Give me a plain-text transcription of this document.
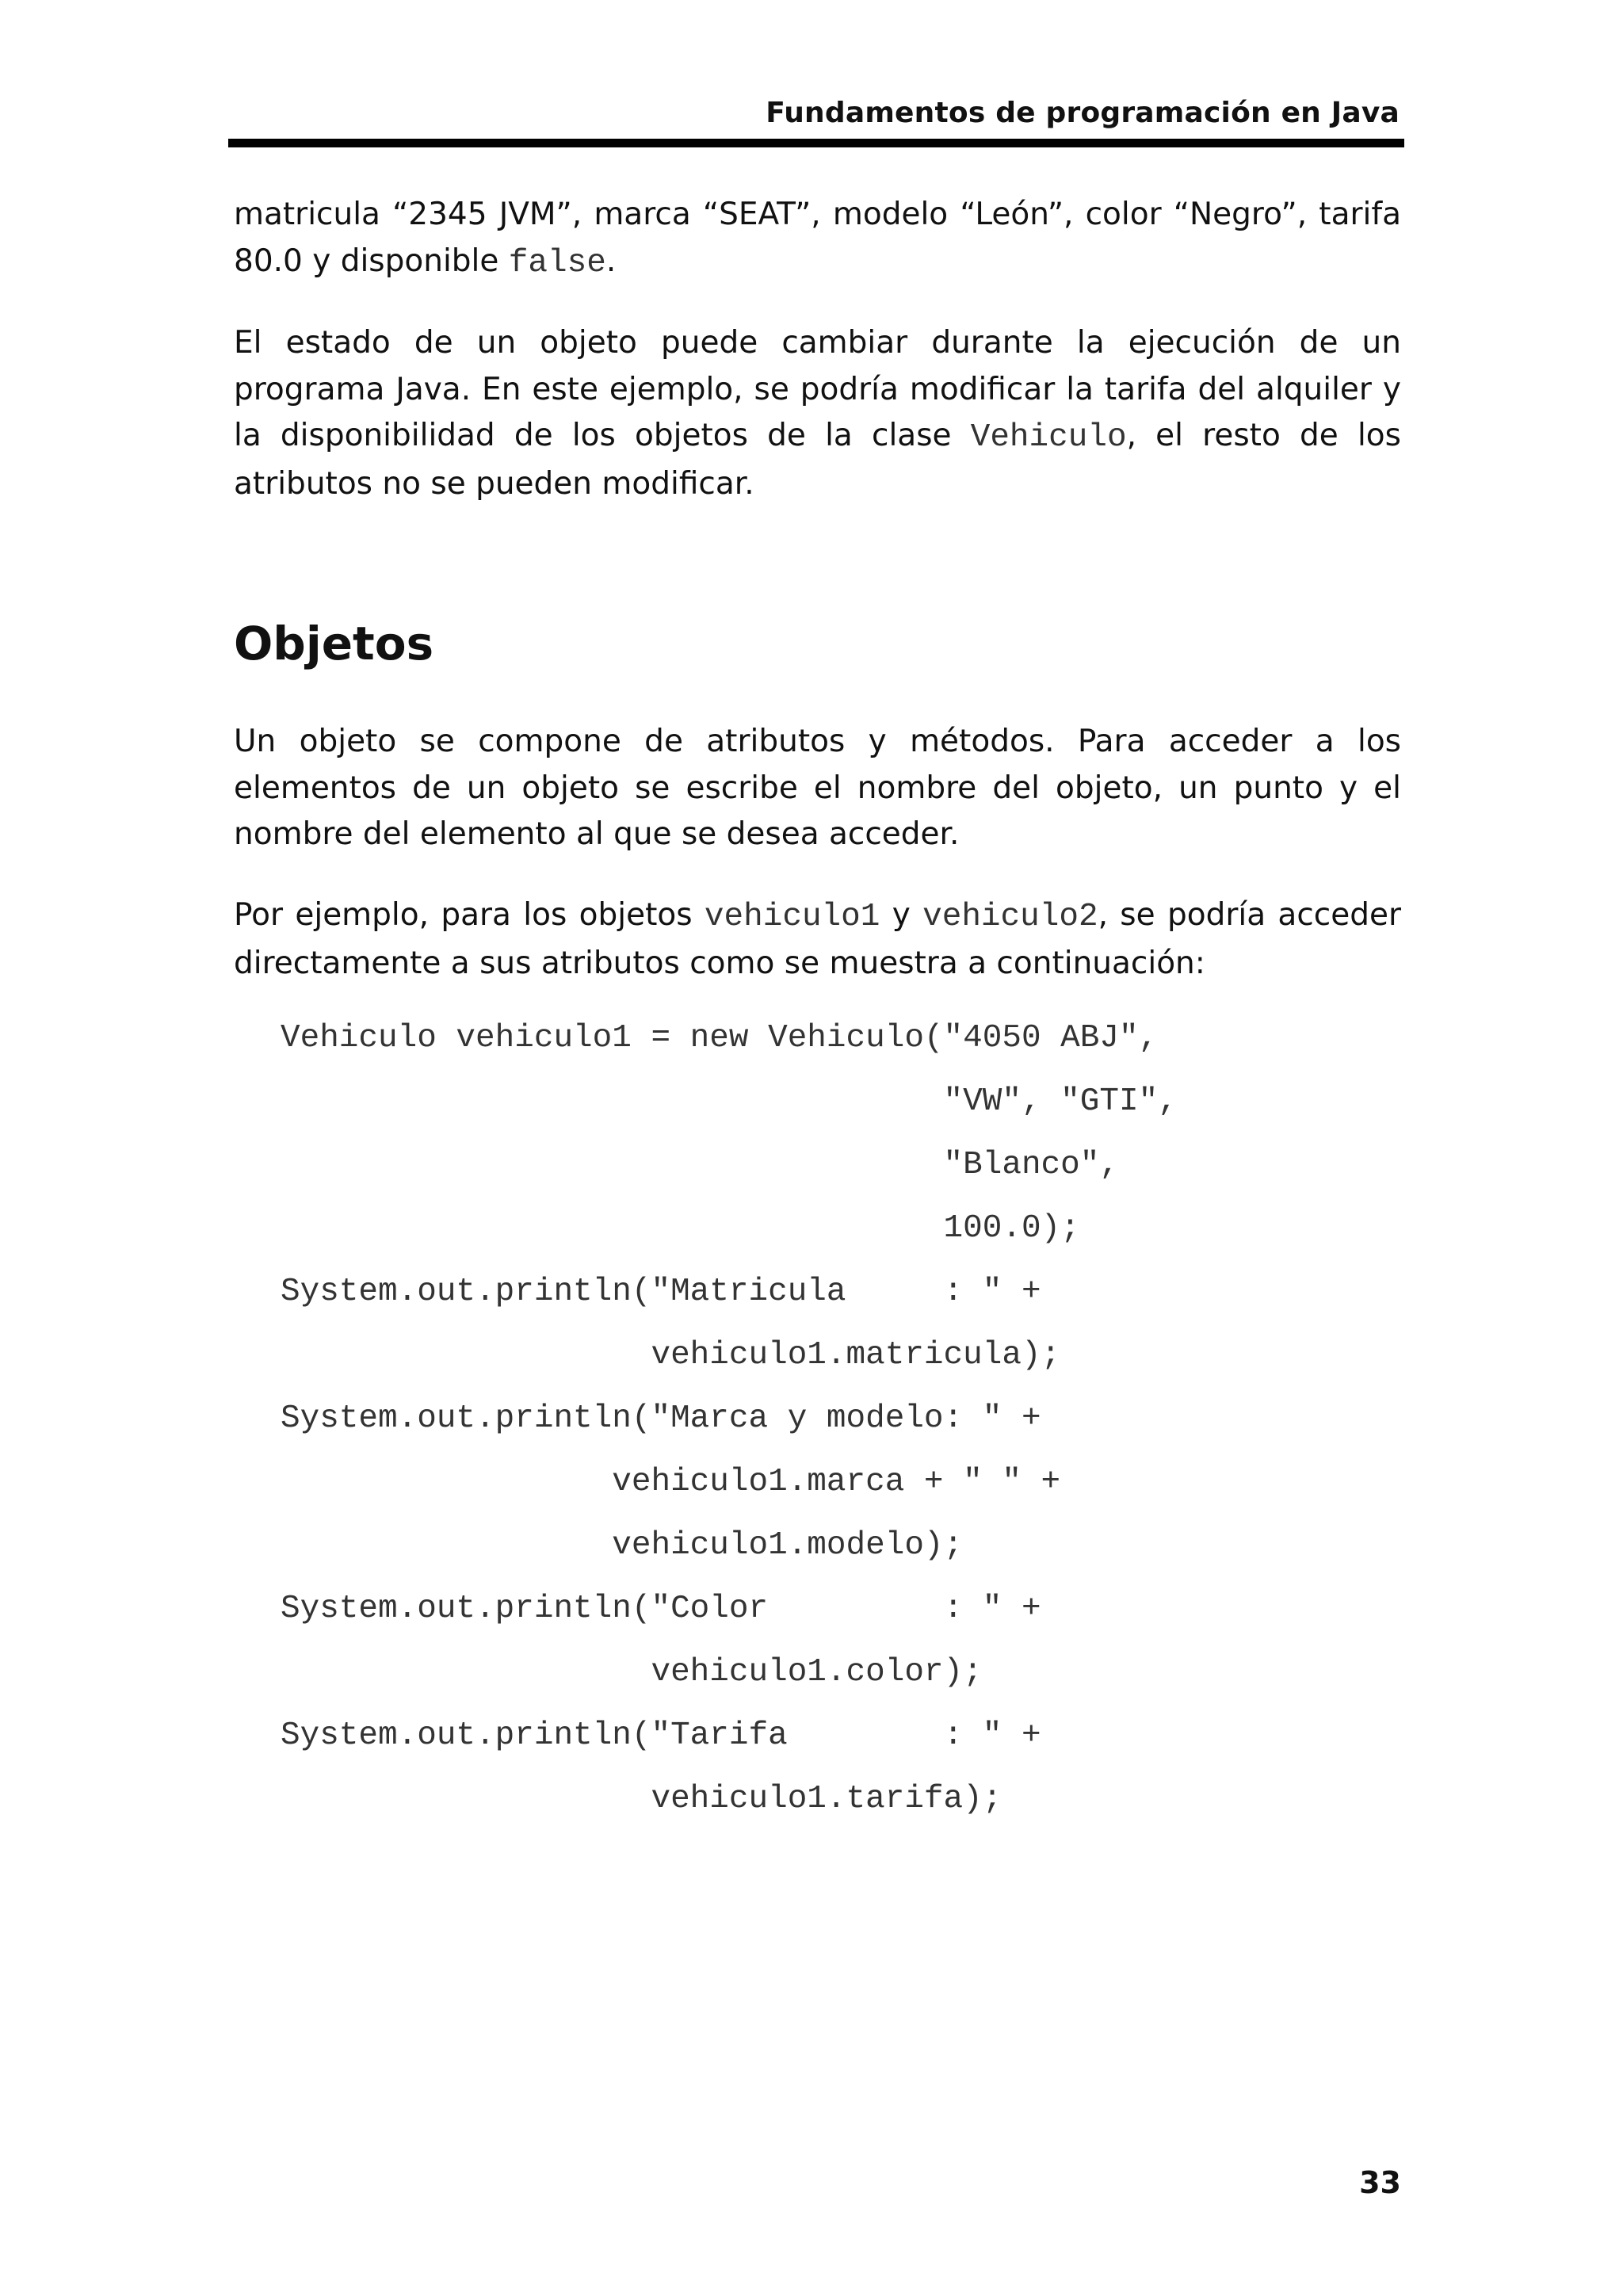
Fundamentos de programación en Java

matricula “2345 JVM”, marca “SEAT”, modelo “León”, color “Negro”, tarifa 80.0 y disponible false.

El estado de un objeto puede cambiar durante la ejecución de un programa Java. En este ejemplo, se podría modificar la tarifa del alquiler y la disponibilidad de los objetos de la clase Vehiculo, el resto de los atributos no se pueden modificar.

Objetos

Un objeto se compone de atributos y métodos. Para acceder a los elementos de un objeto se escribe el nombre del objeto, un punto y el nombre del elemento al que se desea acceder.

Por ejemplo, para los objetos vehiculo1 y vehiculo2, se podría acceder directamente a sus atributos como se muestra a continuación:

Vehiculo vehiculo1 = new Vehiculo("4050 ABJ",
"VW", "GTI",
"Blanco",
100.0);
System.out.println("Matricula     : " +
vehiculo1.matricula);
System.out.println("Marca y modelo: " +
vehiculo1.marca + " " +
vehiculo1.modelo);
System.out.println("Color         : " +
vehiculo1.color);
System.out.println("Tarifa        : " +
vehiculo1.tarifa);
33
